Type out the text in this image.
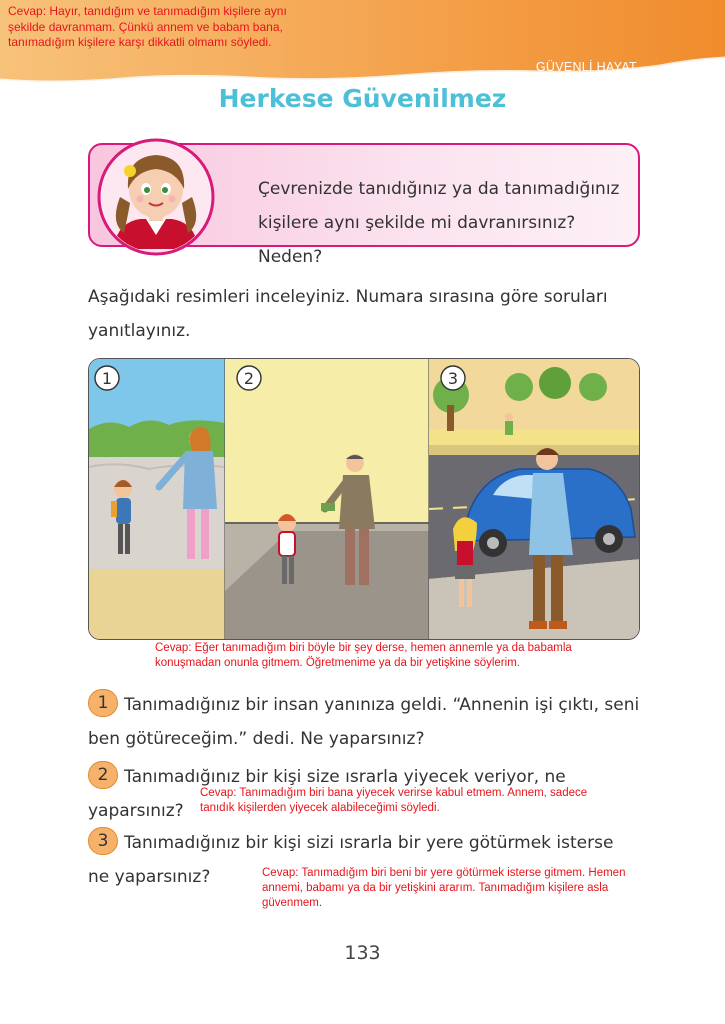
Cevap: Hayır, tanıdığım ve tanımadığım kişilere aynı şekilde davranmam. Çünkü annem ve babam bana, tanımadığım kişilere karşı dikkatli olmamı söyledi.
GÜVENLİ HAYAT
Herkese Güvenilmez
Çevrenizde tanıdığınız ya da tanımadığınız kişilere aynı şekilde mi davranırsınız? Neden?

Aşağıdaki resimleri inceleyiniz. Numara sırasına göre soruları yanıtlayınız.

1	2	3
Cevap: Eğer tanımadığım biri böyle bir şey derse, hemen annemle ya da babamla konuşmadan onunla gitmem. Öğretmenime ya da bir yetişkine söylerim.

1 Tanımadığınız bir insan yanınıza geldi. “Annenin işi çıktı, seni ben götüreceğim.” dedi. Ne yaparsınız?

2 Tanımadığınız bir kişi size ısrarla yiyecek veriyor, ne yaparsınız?

Cevap: Tanımadığım biri bana yiyecek verirse kabul etmem. Annem, sadece tanıdık kişilerden yiyecek alabileceğimi söyledi.

3 Tanımadığınız bir kişi sizi ısrarla bir yere götürmek isterse ne yaparsınız?	Cevap: Tanımadığım biri beni bir yere götürmek isterse gitmem. Hemen annemi, babamı ya da bir yetişkini ararım. Tanımadığım kişilere asla güvenmem.
133
